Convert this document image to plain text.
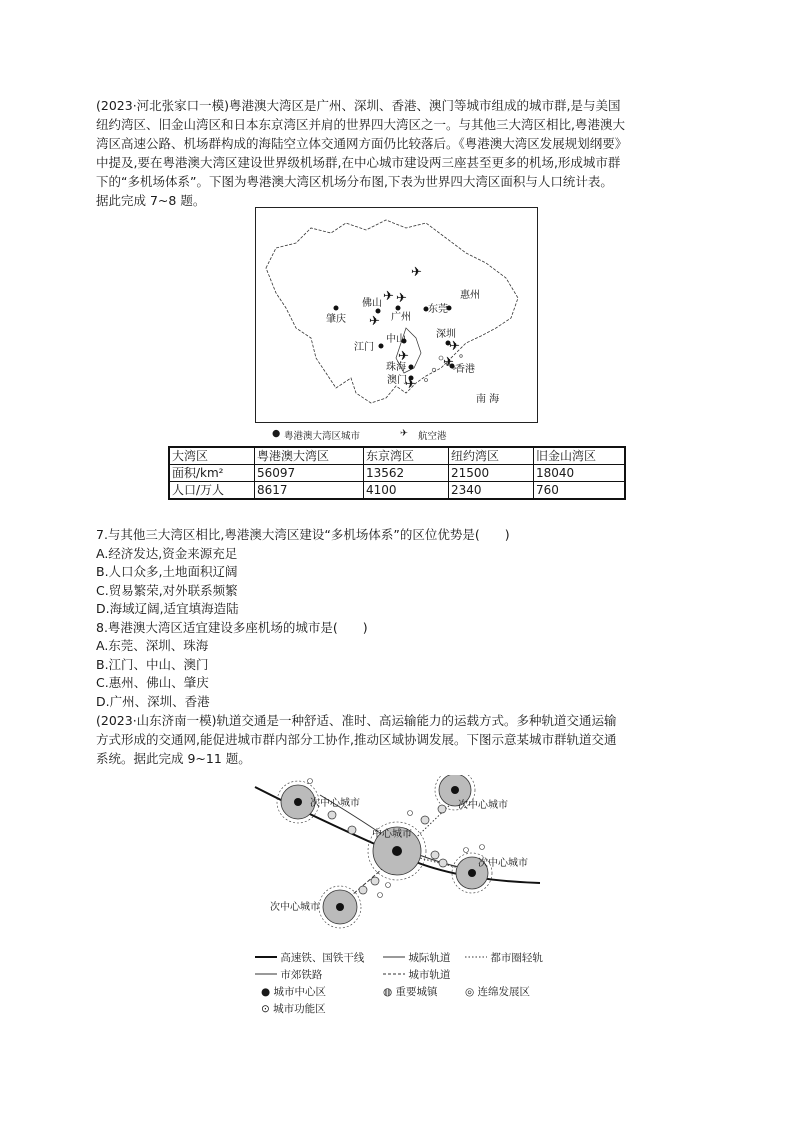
(2023·河北张家口一模)粤港澳大湾区是广州、深圳、香港、澳门等城市组成的城市群,是与美国

纽约湾区、旧金山湾区和日本东京湾区并肩的世界四大湾区之一。与其他三大湾区相比,粤港澳大

湾区高速公路、机场群构成的海陆空立体交通网方面仍比较落后。《粤港澳大湾区发展规划纲要》

中提及,要在粤港澳大湾区建设世界级机场群,在中心城市建设两三座甚至更多的机场,形成城市群

下的“多机场体系”。下图为粤港澳大湾区机场分布图,下表为世界四大湾区面积与人口统计表。

据此完成 7~8 题。

✈
✈ ✈
✈
✈
✈	✈
✈
肇庆
佛山
广州
东莞
惠州
江门
中山	深圳
珠海
澳门
香港
南 海
● 粤港澳大湾区城市	✈ 航空港
大湾区	粤港澳大湾区	东京湾区	纽约湾区	旧金山湾区
面积/km²	56097	13562	21500	18040
人口/万人	8617	4100	2340	760

7.与其他三大湾区相比,粤港澳大湾区建设“多机场体系”的区位优势是(　　)

A.经济发达,资金来源充足

B.人口众多,土地面积辽阔

C.贸易繁荣,对外联系频繁

D.海域辽阔,适宜填海造陆

8.粤港澳大湾区适宜建设多座机场的城市是(　　)

A.东莞、深圳、珠海

B.江门、中山、澳门

C.惠州、佛山、肇庆

D.广州、深圳、香港

(2023·山东济南一模)轨道交通是一种舒适、准时、高运输能力的运载方式。多种轨道交通运输

方式形成的交通网,能促进城市群内部分工协作,推动区域协调发展。下图示意某城市群轨道交通

系统。据此完成 9~11 题。

次中心城市	次中心城市
中心城市
次中心城市
次中心城市
高速铁、国铁干线	城际轨道	都市圈轻轨
市郊铁路	城市轨道
● 城市中心区	◍ 重要城镇	◎ 连绵发展区
⊙ 城市功能区
